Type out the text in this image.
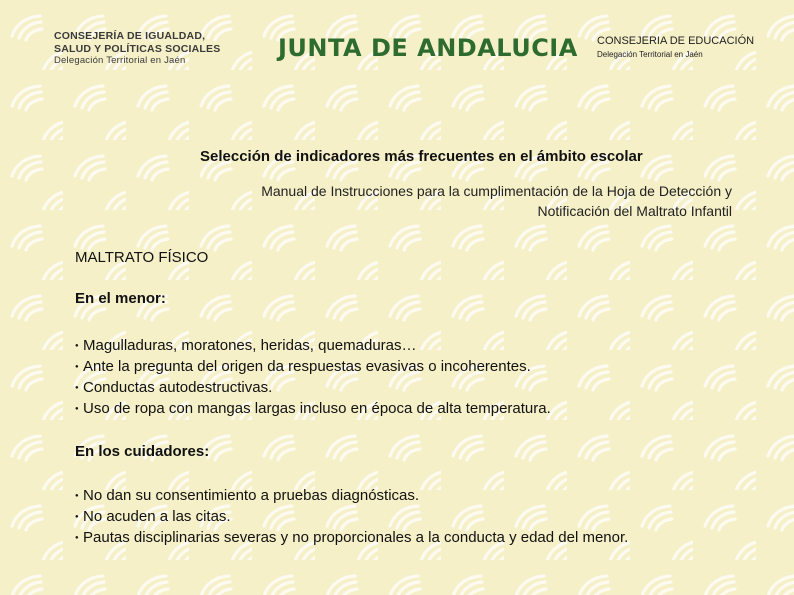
CONSEJERÍA DE IGUALDAD,
SALUD Y POLÍTICAS SOCIALES
Delegación Territorial en Jaén	JUNTA DE ANDALUCIA CONSEJERIA DE EDUCACIÓN
Delegación Territorial en Jaén
Selección de indicadores más frecuentes en el ámbito escolar
Manual de Instrucciones para la cumplimentación de la Hoja de Detección y
Notificación del Maltrato Infantil
MALTRATO FÍSICO
En el menor:
● Magulladuras, moratones, heridas, quemaduras…
● Ante la pregunta del origen da respuestas evasivas o incoherentes.
● Conductas autodestructivas.
● Uso de ropa con mangas largas incluso en época de alta temperatura.
En los cuidadores:
● No dan su consentimiento a pruebas diagnósticas.
● No acuden a las citas.
● Pautas disciplinarias severas y no proporcionales a la conducta y edad del menor.
